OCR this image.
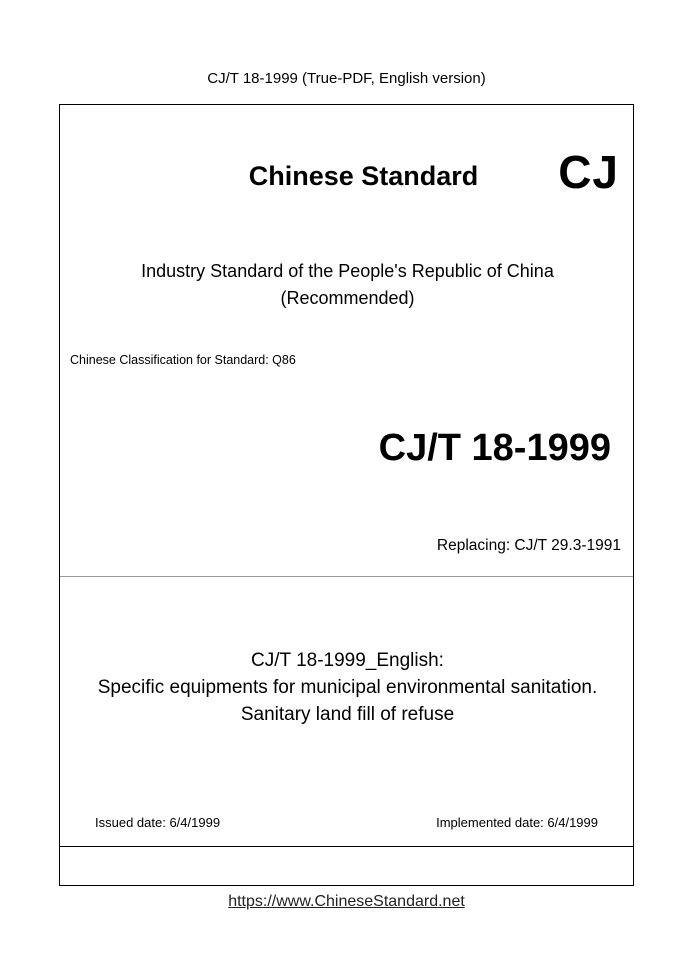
CJ/T 18-1999 (True-PDF, English version)
Chinese Standard	CJ
Industry Standard of the People's Republic of China
(Recommended)
Chinese Classification for Standard: Q86
CJ/T 18-1999
Replacing: CJ/T 29.3-1991
CJ/T 18-1999_English:
Specific equipments for municipal environmental sanitation.
Sanitary land fill of refuse
Issued date: 6/4/1999	Implemented date: 6/4/1999
https://www.ChineseStandard.net
